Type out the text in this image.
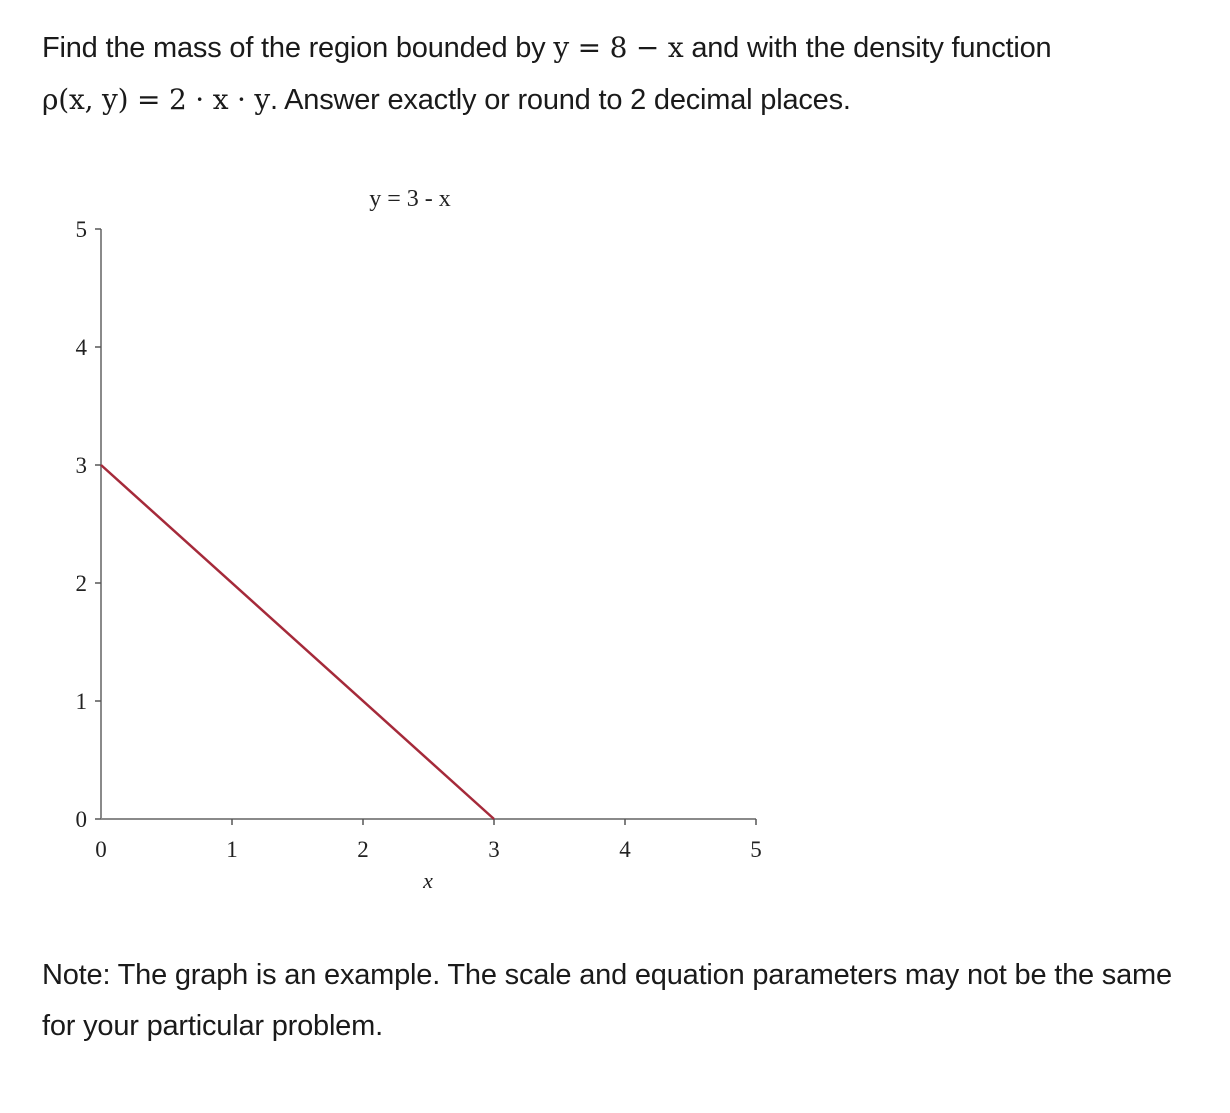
Find the mass of the region bounded by y = 8 − x and with the density function
ρ(x, y) = 2 · x · y. Answer exactly or round to 2 decimal places.
y = 3 - x
0	1	2	3	4	5
0
1
2
3
4
5
x
Note: The graph is an example. The scale and equation parameters may not be the same for your particular problem.
